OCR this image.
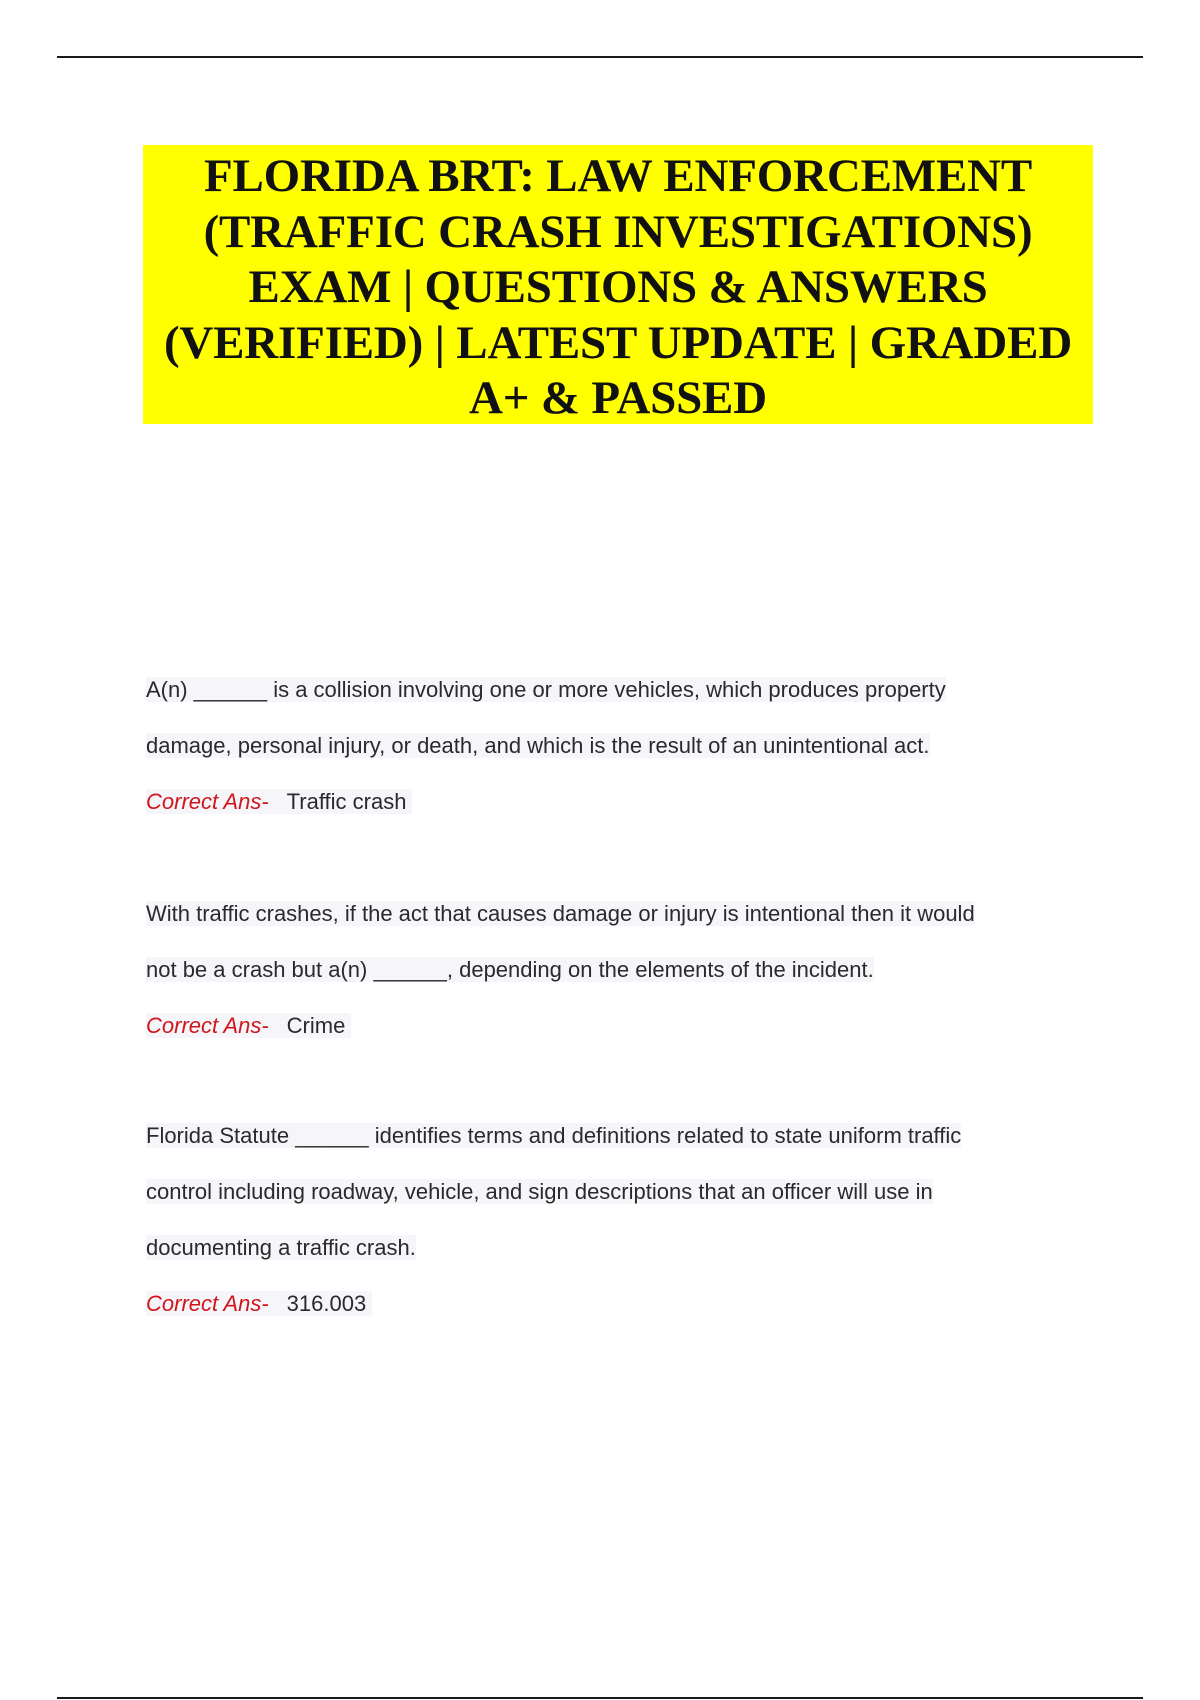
FLORIDA BRT: LAW ENFORCEMENT
(TRAFFIC CRASH INVESTIGATIONS)
EXAM | QUESTIONS & ANSWERS
(VERIFIED) | LATEST UPDATE | GRADED
A+ & PASSED
A(n) ______ is a collision involving one or more vehicles, which produces property
damage, personal injury, or death, and which is the result of an unintentional act.
Correct Ans- Traffic crash
With traffic crashes, if the act that causes damage or injury is intentional then it would
not be a crash but a(n) ______, depending on the elements of the incident.
Correct Ans- Crime
Florida Statute ______ identifies terms and definitions related to state uniform traffic
control including roadway, vehicle, and sign descriptions that an officer will use in
documenting a traffic crash.
Correct Ans- 316.003
